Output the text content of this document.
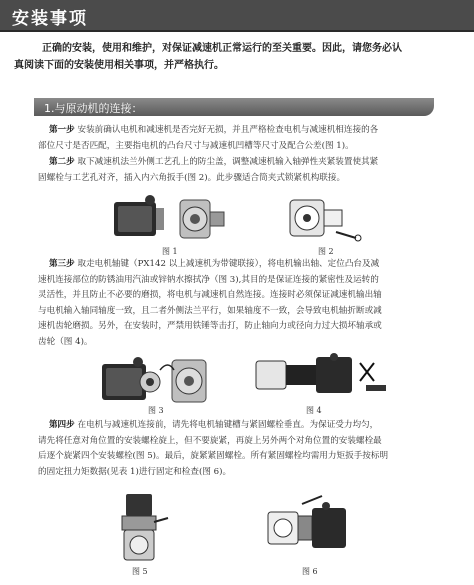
安装事项
正确的安装，使用和维护，对保证减速机正常运行的至关重要。因此，请您务必认
真阅读下面的安装使用相关事项，并严格执行。
1.与原动机的连接：
第一步 安装前确认电机和减速机是否完好无损，并且严格检查电机与减速机相连接的各
部位尺寸是否匹配，主要指电机的凸台尺寸与减速机凹槽等尺寸及配合公差(图 1)。
第二步 取下减速机法兰外侧工艺孔上的防尘盖，调整减速机输入轴弹性夹紧装置使其紧
固螺栓与工艺孔对齐，插入内六角扳手(图 2)。此步骤适合筒夹式锁紧机构联接。
图 1	图 2
第三步 取走电机轴键（PX142 以上减速机为带键联接），将电机输出轴、定位凸台及减
速机连接部位的防锈油用汽油或锌钠水擦拭净（图 3),其目的是保证连接的紧密性及运转的
灵活性，并且防止不必要的磨损，将电机与减速机自然连接。连接时必须保证减速机输出轴
与电机输入轴同轴度一致，且二者外侧法兰平行，如果轴度不一致，会导致电机轴折断或减
速机齿轮磨损。另外，在安装时，严禁用铁锤等击打，防止轴向力或径向力过大损坏轴承或
齿轮（图 4)。
图 3	图 4
第四步 在电机与减速机连接前，请先将电机轴键槽与紧固螺栓垂直。为保证受力均匀，
请先将任意对角位置的安装螺栓旋上，但不要旋紧，再旋上另外两个对角位置的安装螺栓最
后逐个旋紧四个安装螺栓(图 5)。最后，旋紧紧固螺栓。所有紧固螺栓均需用力矩扳手按标明
的固定扭力矩数据(见表 1)进行固定和检查(图 6)。
图 5	图 6
